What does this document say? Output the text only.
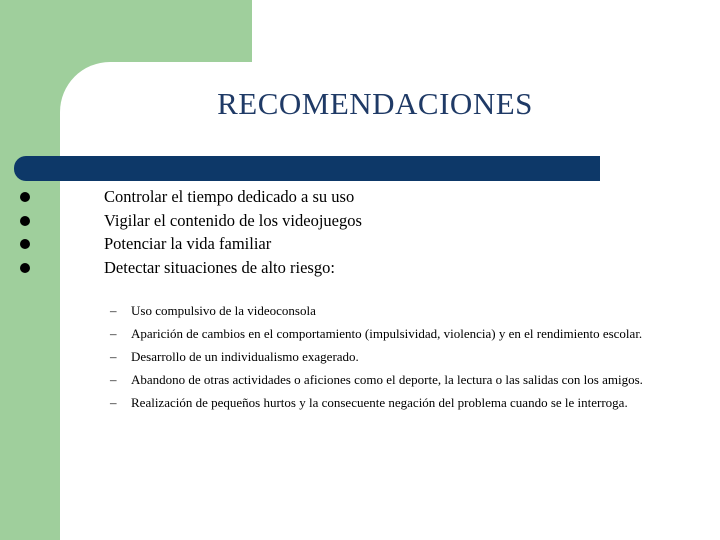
RECOMENDACIONES
Controlar el tiempo dedicado a su uso
Vigilar el contenido de los videojuegos
Potenciar la vida familiar
Detectar situaciones de alto riesgo:
– Uso compulsivo de la videoconsola
– Aparición de cambios en el comportamiento (impulsividad, violencia) y en el rendimiento escolar.
– Desarrollo de un individualismo exagerado.
– Abandono de otras actividades o aficiones como el deporte, la lectura o las salidas con los amigos.
– Realización de pequeños hurtos y la consecuente negación del problema cuando se le interroga.
